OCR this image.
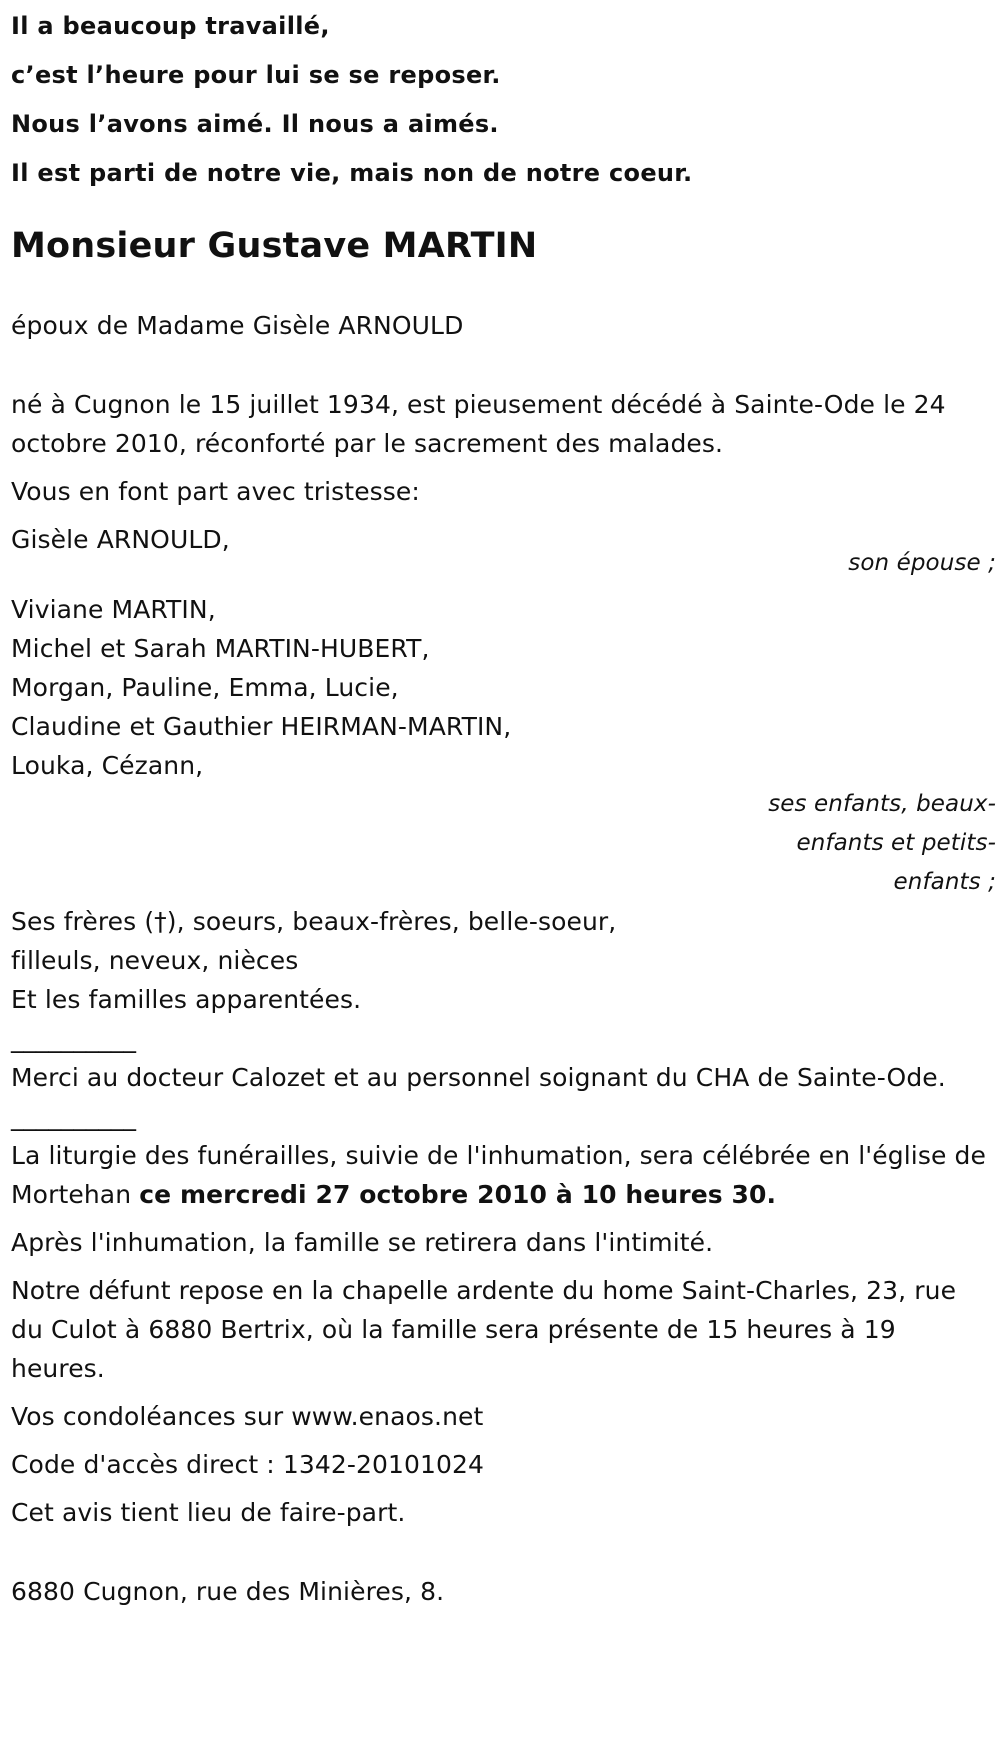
Il a beaucoup travaillé,

c’est l’heure pour lui se se reposer.

Nous l’avons aimé. Il nous a aimés.

Il est parti de notre vie, mais non de notre coeur.

Monsieur Gustave MARTIN

époux de Madame Gisèle ARNOULD

né à Cugnon le 15 juillet 1934, est pieusement décédé à Sainte-Ode le 24 octobre 2010, réconforté par le sacrement des malades.

Vous en font part avec tristesse:

Gisèle ARNOULD,

son épouse ;

Viviane MARTIN,

Michel et Sarah MARTIN-HUBERT,

Morgan, Pauline, Emma, Lucie,

Claudine et Gauthier HEIRMAN-MARTIN,

Louka, Cézann,

ses enfants, beaux-enfants et petits-enfants ;

Ses frères (†), soeurs, beaux-frères, belle-soeur,

filleuls, neveux, nièces

Et les familles apparentées.

__________

Merci au docteur Calozet et au personnel soignant du CHA de Sainte-Ode.

__________

La liturgie des funérailles, suivie de l'inhumation, sera célébrée en l'église de Mortehan ce mercredi 27 octobre 2010 à 10 heures 30.

Après l'inhumation, la famille se retirera dans l'intimité.

Notre défunt repose en la chapelle ardente du home Saint-Charles, 23, rue du Culot à 6880 Bertrix, où la famille sera présente de 15 heures à 19 heures.

Vos condoléances sur www.enaos.net

Code d'accès direct : 1342-20101024

Cet avis tient lieu de faire-part.

6880 Cugnon, rue des Minières, 8.
